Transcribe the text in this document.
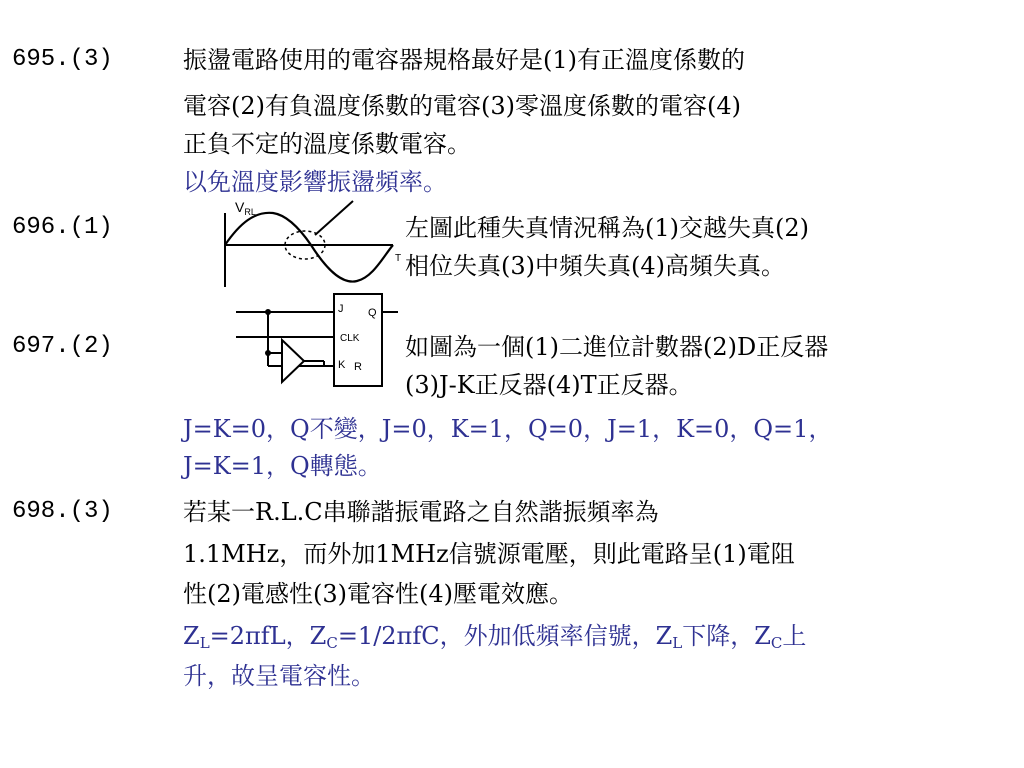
695.(3)	振盪電路使用的電容器規格最好是(1)有正溫度係數的
電容(2)有負溫度係數的電容(3)零溫度係數的電容(4)
正負不定的溫度係數電容。
以免溫度影響振盪頻率。
696.(1)
$V_{RL}$
T
左圖此種失真情況稱為(1)交越失真(2)
相位失真(3)中頻失真(4)高頻失真。
697.(2)
J Q
CLK
K R
如圖為一個(1)二進位計數器(2)D正反器
(3)J-K正反器(4)T正反器。
J=K=0，Q不變，J=0，K=1，Q=0，J=1，K=0，Q=1，
J=K=1，Q轉態。
698.(3)	若某一R.L.C串聯諧振電路之自然諧振頻率為
1.1MHz，而外加1MHz信號源電壓，則此電路呈(1)電阻
性(2)電感性(3)電容性(4)壓電效應。
$Z_L=2\pi fL$，$Z_C=1/2\pi fC$，外加低頻率信號，$Z_L$下降，$Z_C$上
升，故呈電容性。
